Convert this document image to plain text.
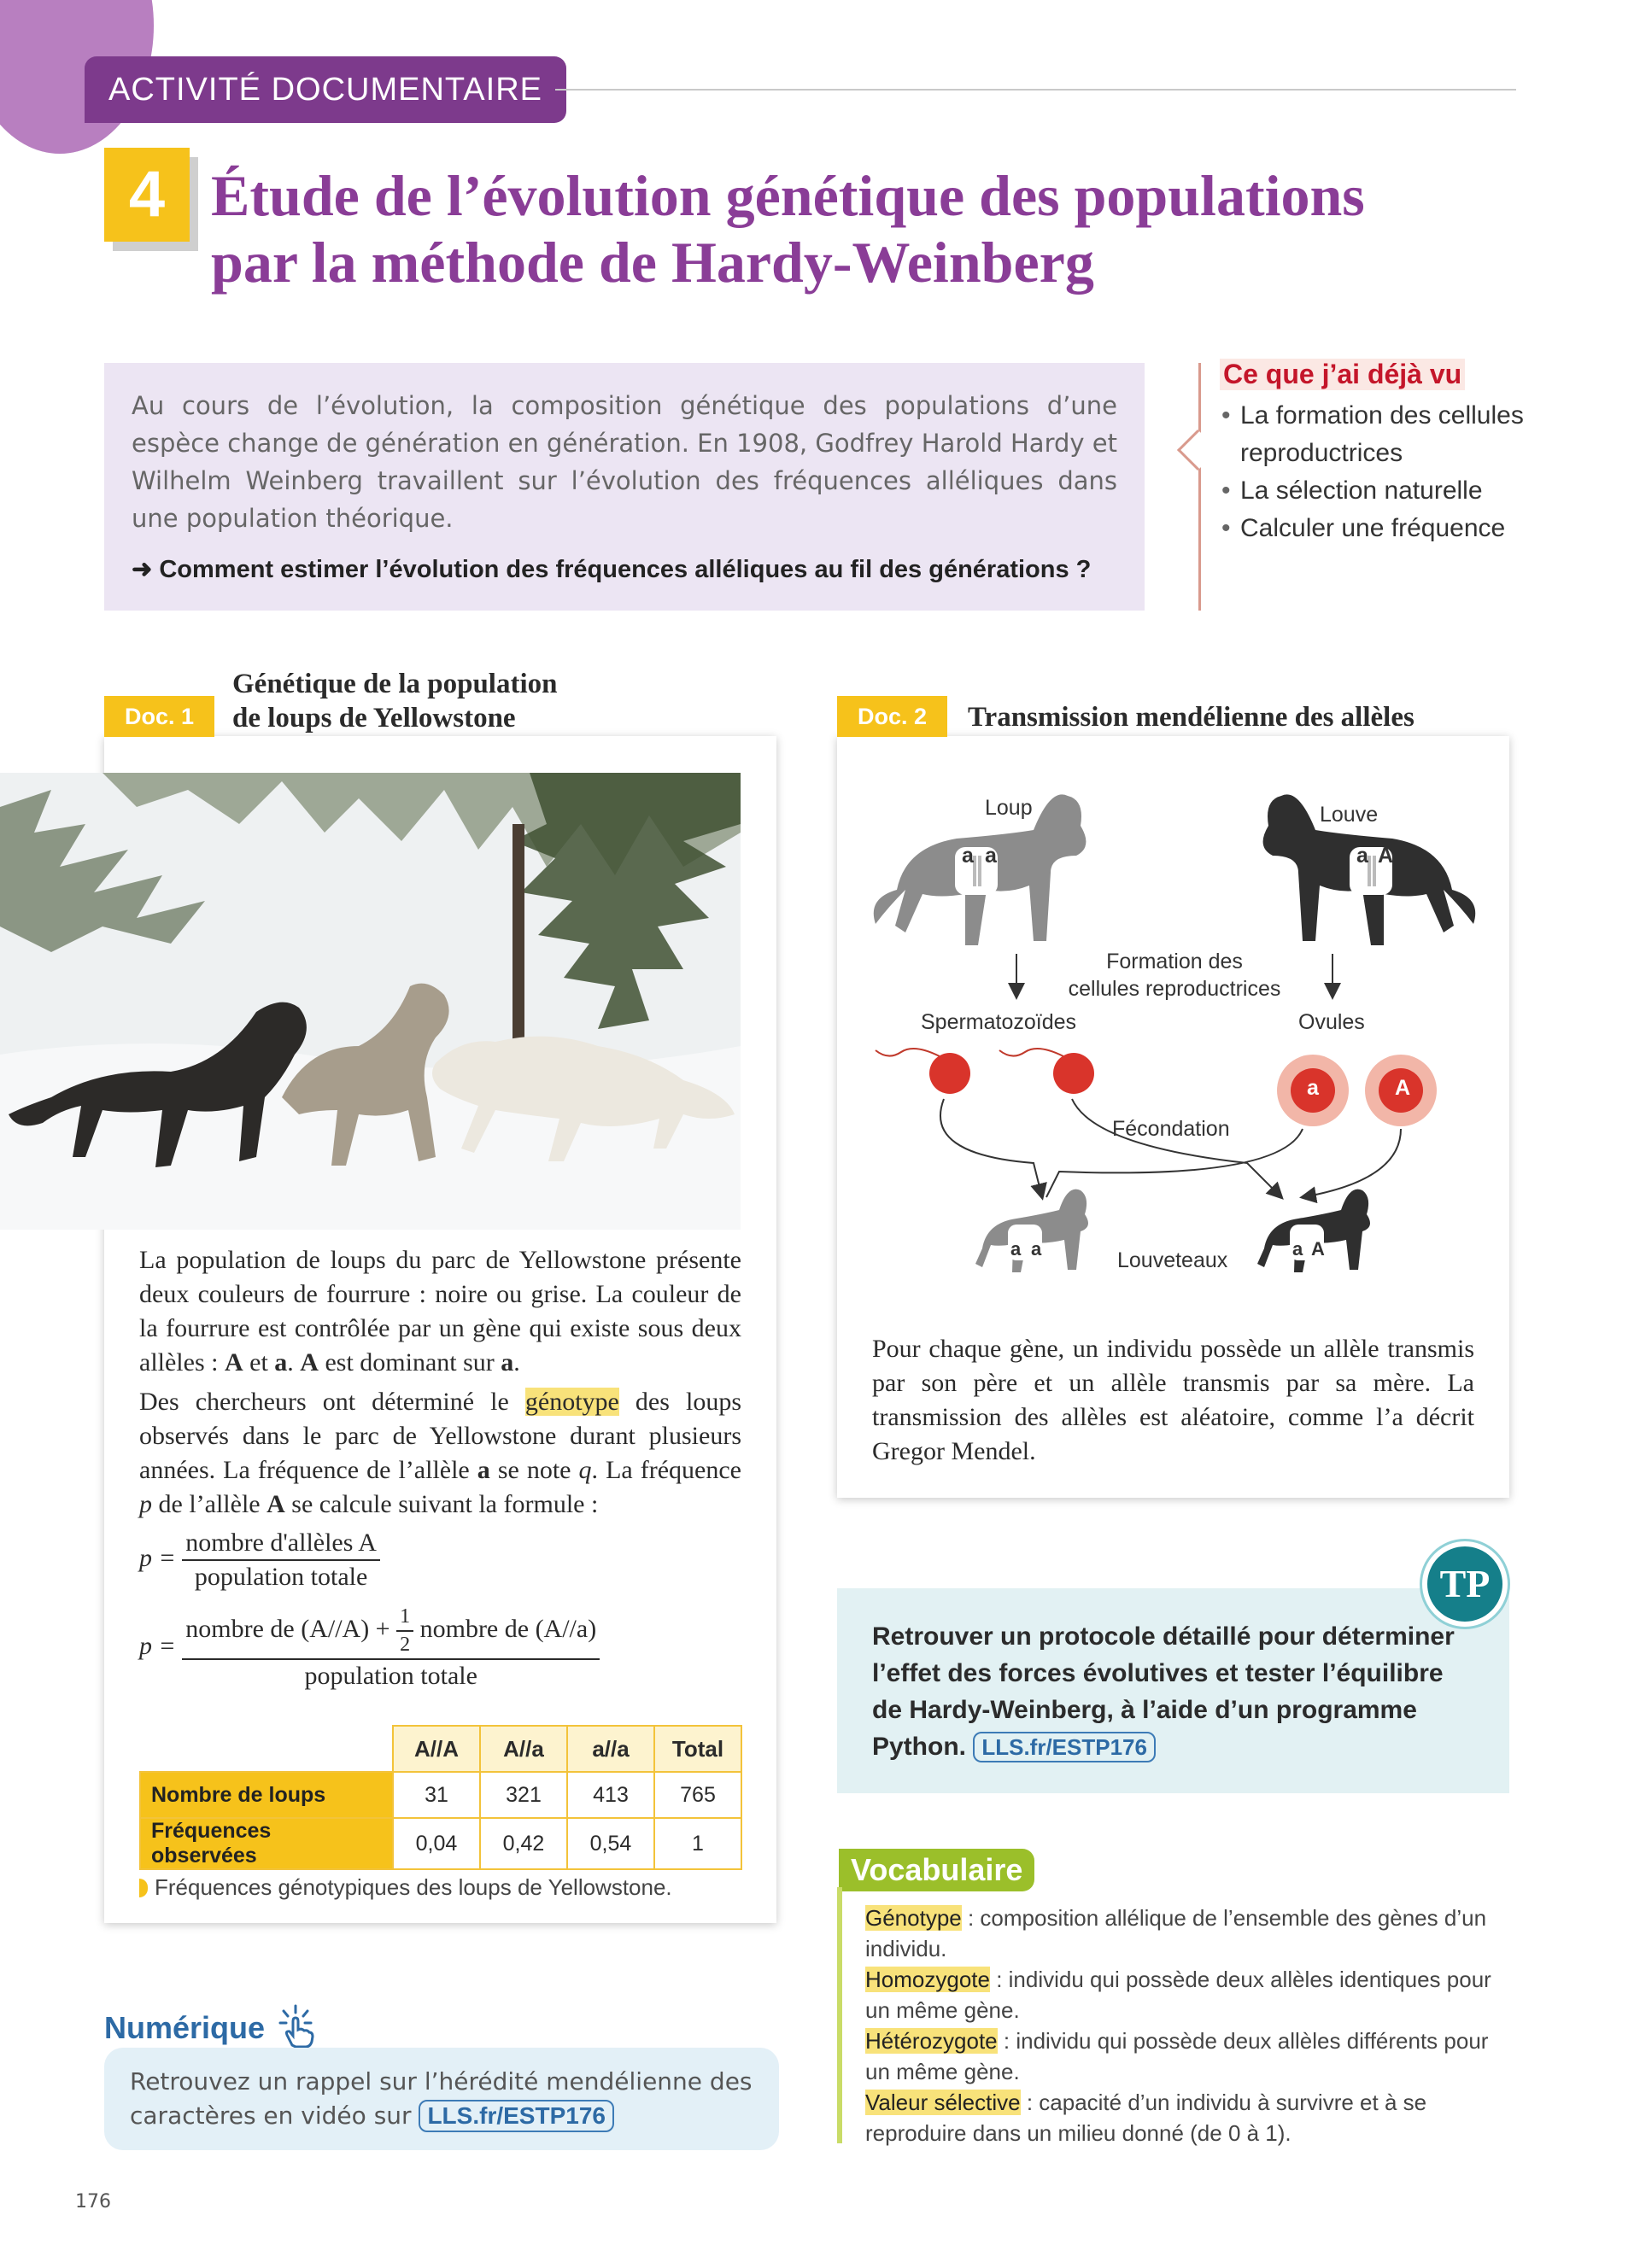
ACTIVITÉ DOCUMENTAIRE
4 Étude de l’évolution génétique des populations
par la méthode de Hardy-Weinberg

Au cours de l’évolution, la composition génétique des populations d’une espèce change de génération en génération. En 1908, Godfrey Harold Hardy et Wilhelm Weinberg travaillent sur l’évolution des fréquences alléliques dans une population théorique.

➜ Comment estimer l’évolution des fréquences alléliques au fil des générations ?

Ce que j’ai déjà vu
• La formation des cellules reproductrices
• La sélection naturelle
• Calculer une fréquence
Doc. 1
Génétique de la population
de loups de Yellowstone

La population de loups du parc de Yellowstone présente deux couleurs de fourrure : noire ou grise. La couleur de la fourrure est contrôlée par un gène qui existe sous deux allèles : A et a. A est dominant sur a.

Des chercheurs ont déterminé le génotype des loups observés dans le parc de Yellowstone durant plusieurs années. La fréquence de l’allèle a se note q. La fréquence p de l’allèle A se calcule suivant la formule :

$p = \frac{\text{nombre d'allèles A}}{\text{population totale}}$
$p = \frac{nombre de (A//A) + \frac{1}{2} nombre de (A//a)}{\text{population totale}}$
	A//A	A//a	a//a	Total
Nombre de loups	31	321	413	765
Fréquences observées	0,04	0,42	0,54	1
Fréquences génotypiques des loups de Yellowstone.
Numérique
Retrouvez un rappel sur l’hérédité mendélienne des caractères en vidéo sur LLS.fr/ESTP176
176
Doc. 2	Transmission mendélienne des allèles
Loup	Louve
a a	a A
Formation des
cellules reproductrices
Spermatozoïdes	Ovules
a	a	a	A
Fécondation
Louveteaux
a a	a A
Pour chaque gène, un individu possède un allèle transmis par son père et un allèle transmis par sa mère. La transmission des allèles est aléatoire, comme l’a décrit Gregor Mendel.
TP
Retrouver un protocole détaillé pour déterminer l’effet des forces évolutives et tester l’équilibre de Hardy-Weinberg, à l’aide d’un programme Python. LLS.fr/ESTP176
Vocabulaire

Génotype : composition allélique de l’ensemble des gènes d’un individu.

Homozygote : individu qui possède deux allèles identiques pour un même gène.

Hétérozygote : individu qui possède deux allèles différents pour un même gène.

Valeur sélective : capacité d’un individu à survivre et à se reproduire dans un milieu donné (de 0 à 1).
